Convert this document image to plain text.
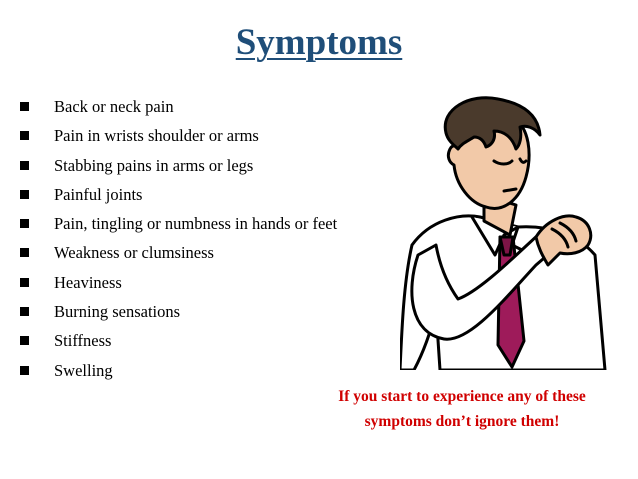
Symptoms
Back or neck pain
Pain in wrists shoulder or arms
Stabbing pains in arms or legs
Painful joints
Pain, tingling or numbness in hands or feet
Weakness or clumsiness
Heaviness
Burning sensations
Stiffness
Swelling
If you start to experience any of these
symptoms don’t ignore them!
